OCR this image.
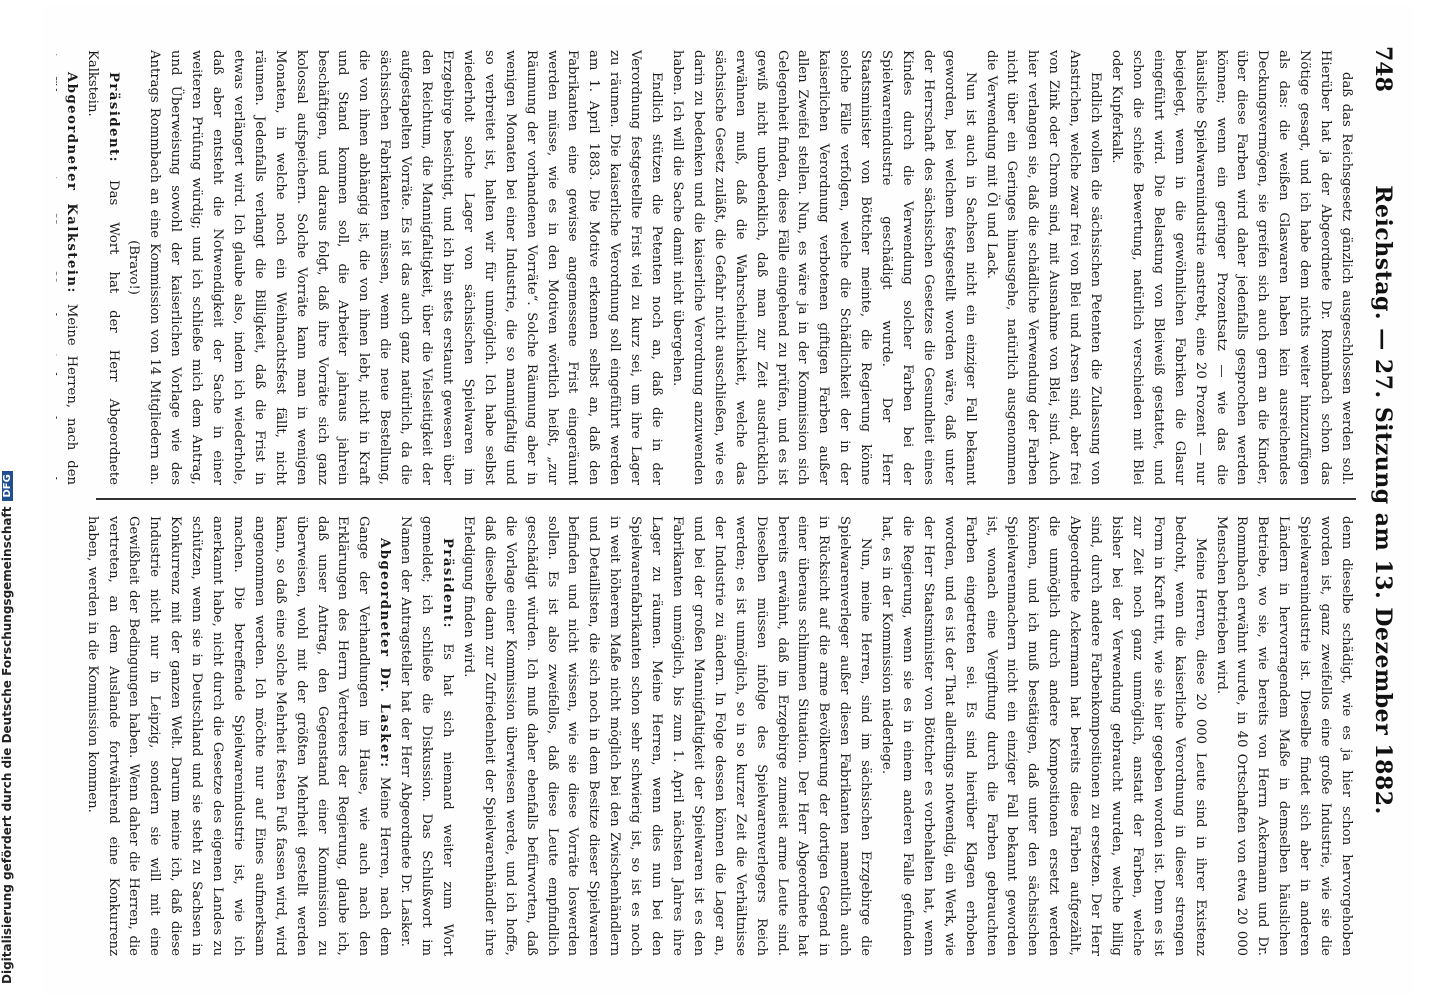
748
Reichstag. — 27. Sitzung am 13. Dezember 1882.

daß das Reichsgesetz gänzlich ausgeschlossen werden soll. Hierüber hat ja der Abgeordnete Dr. Rommbach schon das Nötige gesagt, und ich habe dem nichts weiter hinzuzufügen als das: die weißen Glaswaren haben kein ausreichendes Deckungsvermögen, sie greifen sich auch gern an die Kinder, über diese Farben wird daher jedenfalls gesprochen werden können; wenn ein geringer Prozentsatz — wie das die häusliche Spielwarenindustrie anstrebt, eine 20 Prozent — nur beigelegt, wenn in die gewöhnlichen Fabriken die Glasur eingeführt wird. Die Belastung von Bleiweiß gestattet, und schon die schiefe Bewertung, natürlich verschieden mit Blei oder Kupferkalk.

Endlich wollen die sächsischen Petenten die Zulassung von Anstrichen, welche zwar frei von Blei und Arsen sind, aber frei von Zink oder Chrom sind, mit Ausnahme von Blei, sind. Auch hier verlangen sie, daß die schädliche Verwendung der Farben nicht über ein Geringes hinausgehe, natürlich ausgenommen die Verwendung mit Öl und Lack.

Nun ist auch in Sachsen nicht ein einziger Fall bekannt geworden, bei welchem festgestellt worden wäre, daß unter der Herrschaft des sächsischen Gesetzes die Gesundheit eines Kindes durch die Verwendung solcher Farben bei der Spielwarenindustrie geschädigt wurde. Der Herr Staatsminister von Böttcher meinte, die Regierung könne solche Fälle verfolgen, welche die Schädlichkeit der in der kaiserlichen Verordnung verbotenen giftigen Farben außer allen Zweifel stellen. Nun, es wäre ja in der Kommission sich Gelegenheit finden, diese Fälle eingehend zu prüfen, und es ist gewiß nicht unbedenklich, daß man zur Zeit ausdrücklich erwähnen muß, daß die Wahrscheinlichkeit, welche das sächsische Gesetz zuläßt, die Gefahr nicht ausschließen, wie es darin zu bedenken und die kaiserliche Verordnung anzuwenden haben. Ich will die Sache damit nicht übergehen.

Endlich stützen die Petenten noch an, daß die in der Verordnung festgestellte Frist viel zu kurz sei, um ihre Lager zu räumen. Die kaiserliche Verordnung soll eingeführt werden am 1. April 1883. Die Motive erkennen selbst an, daß den Fabrikanten eine gewisse angemessene Frist eingeräumt werden müsse, wie es in den Motiven wörtlich heißt, „zur Räumung der vorhandenen Vorräte“. Solche Räumung aber in wenigen Monaten bei einer Industrie, die so mannigfaltig und so verbreitet ist, halten wir für unmöglich. Ich habe selbst wiederholt solche Lager von sächsischen Spielwaren im Erzgebirge besichtigt, und ich bin stets erstaunt gewesen über den Reichtum, die Mannigfaltigkeit, über die Vielseitigkeit der aufgestapelten Vorräte. Es ist das auch ganz natürlich, da die sächsischen Fabrikanten müssen, wenn die neue Bestellung, die von ihnen abhängig ist, die von ihnen lebt, nicht in Kraft und Stand kommen soll, die Arbeiter jahraus jahrein beschäftigen, und daraus folgt, daß ihre Vorräte sich ganz kolossal aufspeichern. Solche Vorräte kann man in wenigen Monaten, in welche noch ein Weihnachtsfest fällt, nicht räumen. Jedenfalls verlangt die Billigkeit, daß die Frist in etwas verlängert wird. Ich glaube also, indem ich wiederhole, daß aber entsteht die Notwendigkeit der Sache in einer weiteren Prüfung würdig; und ich schließe mich dem Antrag, und Überweisung sowohl der kaiserlichen Vorlage wie des Antrags Rommbach an eine Kommission von 14 Mitgliedern an.

(Bravo!)

Präsident: Das Wort hat der Herr Abgeordnete Kalkstein.

Abgeordneter Kalkstein: Meine Herren, nach den

denn dieselbe schädigt, wie es ja hier schon hervorgehoben worden ist, ganz zweifellos eine große Industrie, wie sie die Spielwarenindustrie ist. Dieselbe findet sich aber in anderen Ländern in hervorragendem Maße in demselben häuslichen Betriebe, wo sie, wie bereits von Herrn Ackermann und Dr. Rommbach erwähnt wurde, in 40 Ortschaften von etwa 20 000 Menschen betrieben wird.

Meine Herren, diese 20 000 Leute sind in ihrer Existenz bedroht, wenn die kaiserliche Verordnung in dieser strengen Form in Kraft tritt, wie sie hier gegeben worden ist. Denn es ist zur Zeit noch ganz unmöglich, anstatt der Farben, welche bisher bei der Verwendung gebraucht wurden, welche billig sind, durch andere Farbenkompositionen zu ersetzen. Der Herr Abgeordnete Ackermann hat bereits diese Farben aufgezählt, die unmöglich durch andere Kompositionen ersetzt werden können, und ich muß bestätigen, daß unter den sächsischen Spielwarenmachern nicht ein einziger Fall bekannt geworden ist, wonach eine Vergiftung durch die Farben gebrauchten Farben eingetreten sei. Es sind hierüber Klagen erhoben worden, und es ist der That allerdings notwendig, ein Werk, wie der Herr Staatsminister von Böttcher es vorbehalten hat, wenn die Regierung, wenn sie es in einem anderen Falle gefunden hat, es in der Kommission niederlege.

Nun, meine Herren, sind im sächsischen Erzgebirge die Spielwarenverleger außer diesen Fabrikanten namentlich auch in Rücksicht auf die arme Bevölkerung der dortigen Gegend in einer überaus schlimmen Situation. Der Herr Abgeordnete hat bereits erwähnt, daß im Erzgebirge zumeist arme Leute sind. Dieselben müssen infolge des Spielwarenverlegers Reich werden; es ist unmöglich, so in so kurzer Zeit die Verhältnisse der Industrie zu ändern. In Folge dessen können die Lager an, und bei der großen Mannigfaltigkeit der Spielwaren ist es den Fabrikanten unmöglich, bis zum 1. April nächsten Jahres ihre Lager zu räumen. Meine Herren, wenn dies nun bei den Spielwarenfabrikanten schon sehr schwierig ist, so ist es noch in weit höherem Maße nicht möglich bei den Zwischenhändlern und Detaillisten, die sich noch in dem Besitze dieser Spielwaren befinden und nicht wissen, wie sie diese Vorräte loswerden sollen. Es ist also zweifellos, daß diese Leute empfindlich geschädigt würden. Ich muß daher ebenfalls befürworten, daß die Vorlage einer Kommission überwiesen werde, und ich hoffe, daß dieselbe dann zur Zufriedenheit der Spielwarenhändler ihre Erledigung finden wird.

Präsident: Es hat sich niemand weiter zum Wort gemeldet; ich schließe die Diskussion. Das Schlußwort im Namen der Antragsteller hat der Herr Abgeordnete Dr. Lasker.

Abgeordneter Dr. Lasker: Meine Herren, nach dem Gange der Verhandlungen im Hause, wie auch nach den Erklärungen des Herrn Vertreters der Regierung, glaube ich, daß unser Antrag, den Gegenstand einer Kommission zu überweisen, wohl mit der größten Mehrheit gestellt werden kann, so daß eine solche Mehrheit festen Fuß fassen wird, wird angenommen werden. Ich möchte nur auf Eines aufmerksam machen. Die betreffende Spielwarenindustrie ist, wie ich anerkannt habe, nicht durch die Gesetze des eigenen Landes zu schützen, wenn sie in Deutschland und sie steht zu Sachsen in Konkurrenz mit der ganzen Welt. Darum meine ich, daß diese Industrie nicht nur in Leipzig, sondern sie will mit eine Gewißheit der Bedingungen haben. Wenn daher die Herren, die vertreten, an dem Auslande fortwährend eine Konkurrenz haben, werden in die Kommission kommen.

Digitalisierung gefördert durch die Deutsche ForschungsgemeinschaftDFG
